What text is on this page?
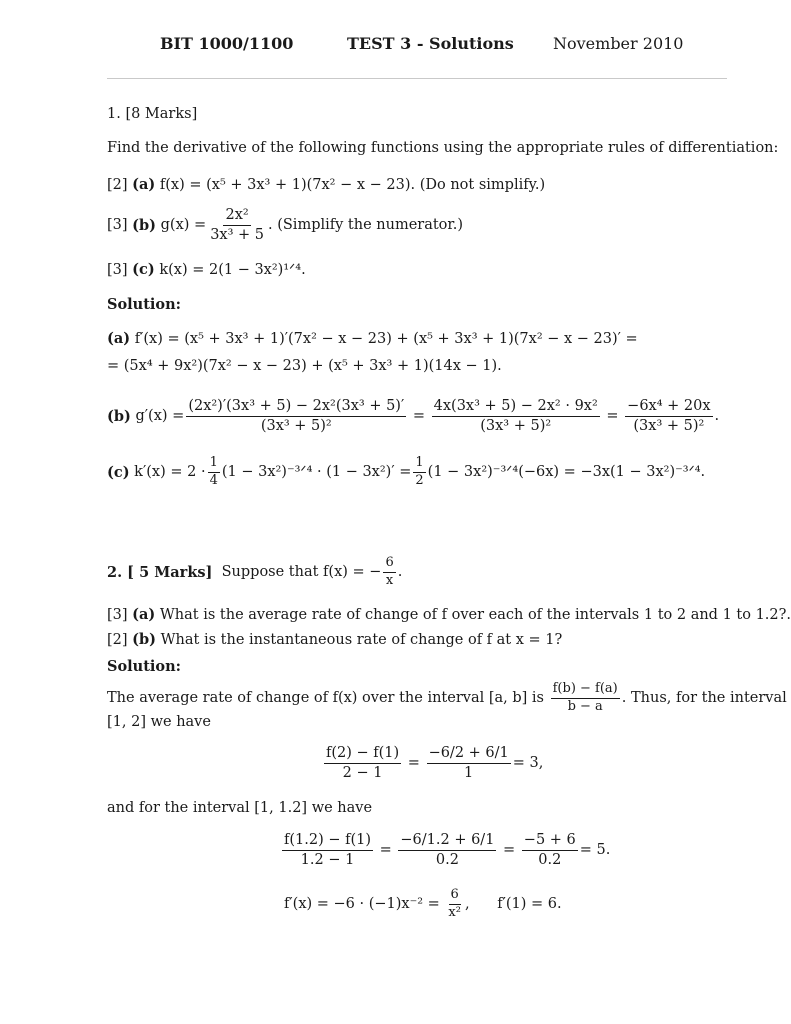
BIT 1000/1100	TEST 3 - Solutions November 2010
1. [8 Marks]
Find the derivative of the following functions using the appropriate rules of differentiation:
[2] (a) f(x) = (x⁵ + 3x³ + 1)(7x² − x − 23). (Do not simplify.)
[3]
(b)
$g(x) = \frac{\text{2x²}}{\text{3x³ + 5}}$ . (Simplify the numerator.)
[3] (c) k(x) = 2(1 − 3x²)¹ᐟ⁴.
Solution:
(a) f′(x) = (x⁵ + 3x³ + 1)′(7x² − x − 23) + (x⁵ + 3x³ + 1)(7x² − x − 23)′ =
= (5x⁴ + 9x²)(7x² − x − 23) + (x⁵ + 3x³ + 1)(14x − 1).
(b)
$g'(x) = \frac{\text{(2x²)′(3x³ + 5) − 2x²(3x³ + 5)′}}{\text{(3x³ + 5)²}} = \frac{\text{4x(3x³ + 5) − 2x² · 9x²}}{\text{(3x³ + 5)²}} = \frac{\text{−6x⁴ + 20x}}{\text{(3x³ + 5)²}}$ .
(c)
$k'(x) = 2 \cdot \frac{1}{4} (1$ − 3x²)⁻³ᐟ⁴ · $(1 - 3x^2)' = \frac{1}{2} (1$ − 3x²)⁻³ᐟ⁴(−6x) = −3x(1 − 3x²)⁻³ᐟ⁴.
2. [ 5 Marks]
Suppose that f(x) = − $\frac{6}{x}$ .
[3] (a) What is the average rate of change of f over each of the intervals 1 to 2 and 1 to 1.2?.
[2] (b) What is the instantaneous rate of change of f at x = 1?
Solution:
The average rate of change of f(x) over the interval [a, b] is
$\frac{f(b) - f(a)}{b - a}$ . Thus, for the interval
[1, 2] we have
$\frac{f(2) - f(1)}{2 - 1} = \frac{-6/2 + 6/1}{1} = 3$,
and for the interval [1, 1.2] we have
$\frac{f(1.2) - f(1)}{1.2 - 1} = \frac{-6/1.2 + 6/1}{0.2} = \frac{-5 + 6}{0.2} = 5$.
f′(x) = −6 · (−1)x⁻² =
$\frac{6}{\text{x²}}$ ,      f′(1) = 6.
